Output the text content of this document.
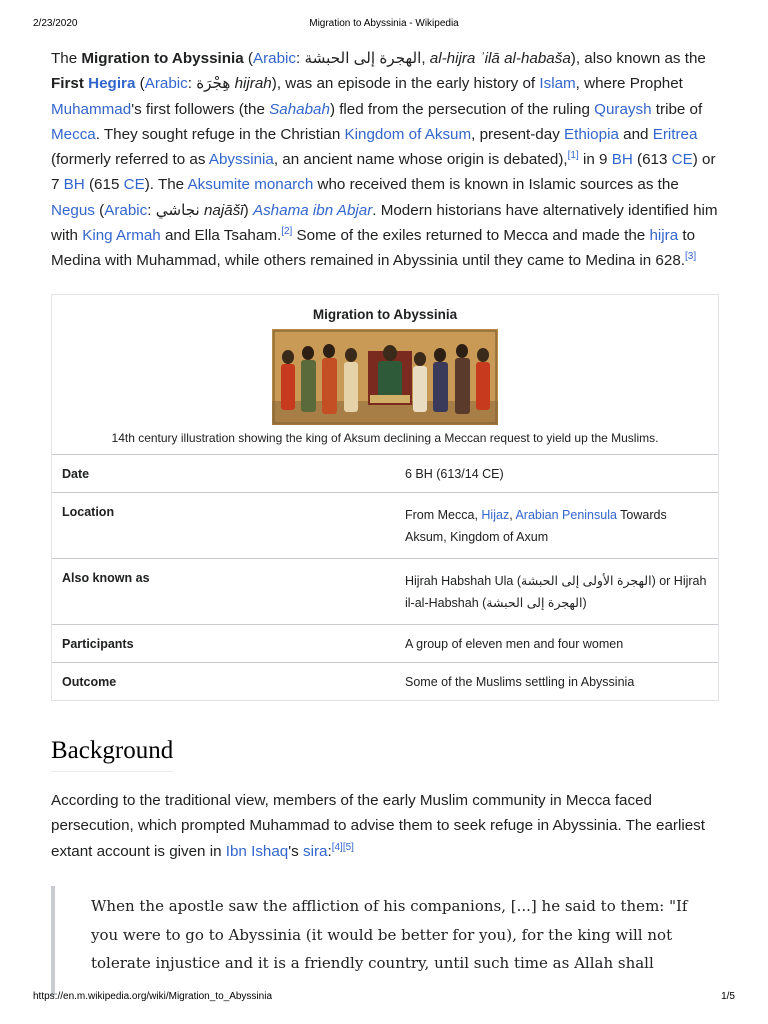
2/23/2020	Migration to Abyssinia - Wikipedia

The Migration to Abyssinia (Arabic: الهجرة إلى الحبشة, al-hijra ʾilā al-habaša), also known as the First Hegira (Arabic: هِجْرَة hijrah), was an episode in the early history of Islam, where Prophet Muhammad's first followers (the Sahabah) fled from the persecution of the ruling Quraysh tribe of Mecca. They sought refuge in the Christian Kingdom of Aksum, present-day Ethiopia and Eritrea (formerly referred to as Abyssinia, an ancient name whose origin is debated),[1] in 9 BH (613 CE) or 7 BH (615 CE). The Aksumite monarch who received them is known in Islamic sources as the Negus (Arabic: نجاشي najāšī) Ashama ibn Abjar. Modern historians have alternatively identified him with King Armah and Ella Tsaham.[2] Some of the exiles returned to Mecca and made the hijra to Medina with Muhammad, while others remained in Abyssinia until they came to Medina in 628.[3]

Migration to Abyssinia
14th century illustration showing the king of Aksum declining a Meccan request to yield up the Muslims.
Date	6 BH (613/14 CE)
Location	From Mecca, Hijaz, Arabian Peninsula Towards Aksum, Kingdom of Axum
Also known as	Hijrah Habshah Ula (الهجرة الأولى إلى الحبشة) or Hijrah il-al-Habshah (الهجرة إلى الحبشة)
Participants	A group of eleven men and four women
Outcome	Some of the Muslims settling in Abyssinia
Background

According to the traditional view, members of the early Muslim community in Mecca faced persecution, which prompted Muhammad to advise them to seek refuge in Abyssinia. The earliest extant account is given in Ibn Ishaq's sira:[4][5]

When the apostle saw the affliction of his companions, [...] he said to them: "If you were to go to Abyssinia (it would be better for you), for the king will not tolerate injustice and it is a friendly country, until such time as Allah shall
https://en.m.wikipedia.org/wiki/Migration_to_Abyssinia	1/5
